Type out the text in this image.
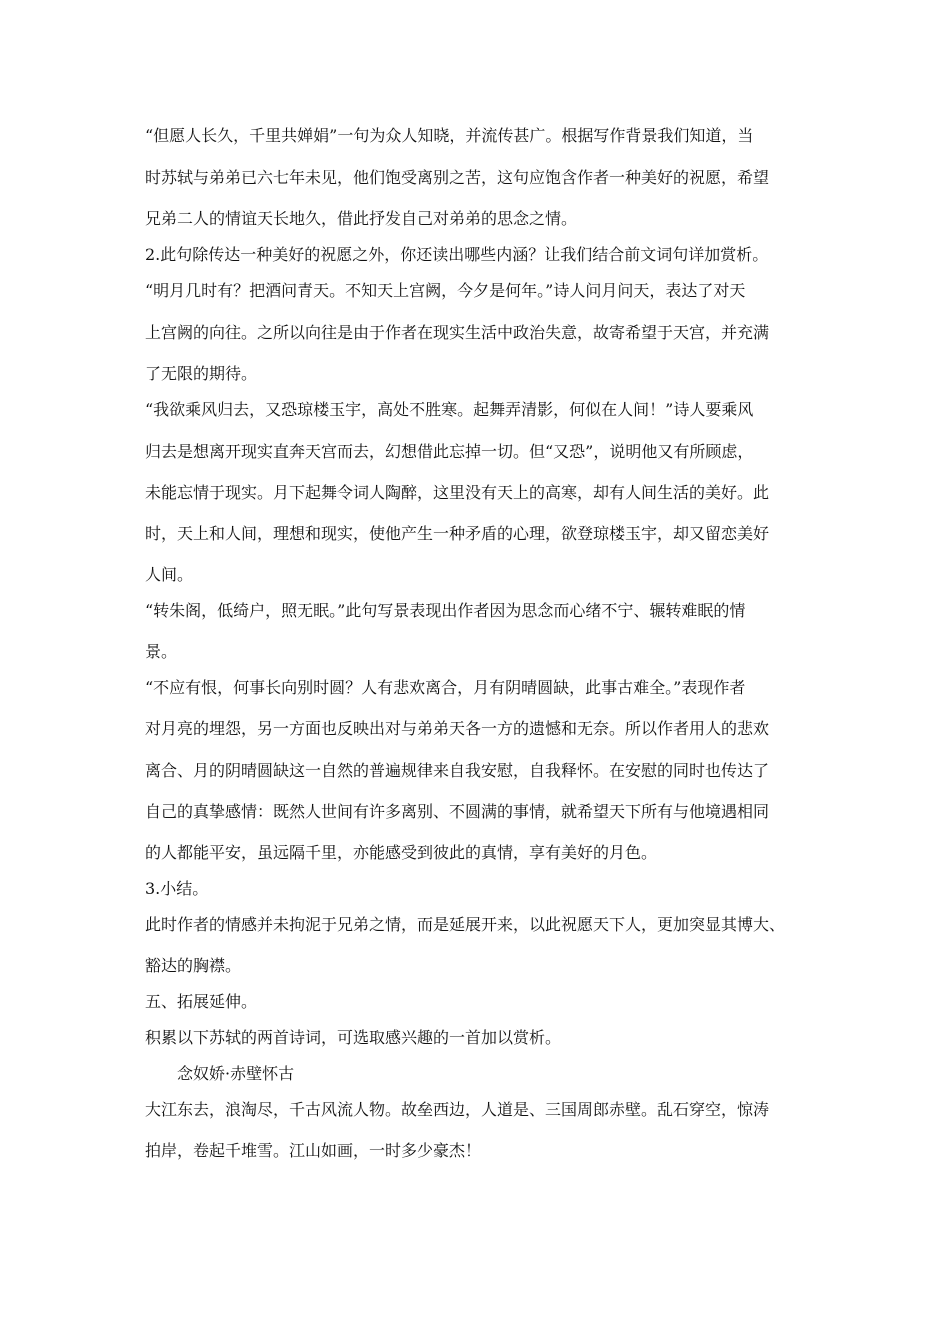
“但愿人长久，千里共婵娟”一句为众人知晓，并流传甚广。根据写作背景我们知道，当
时苏轼与弟弟已六七年未见，他们饱受离别之苦，这句应饱含作者一种美好的祝愿，希望
兄弟二人的情谊天长地久，借此抒发自己对弟弟的思念之情。
2.此句除传达一种美好的祝愿之外，你还读出哪些内涵？让我们结合前文词句详加赏析。
“明月几时有？把酒问青天。不知天上宫阙，今夕是何年。”诗人问月问天，表达了对天
上宫阙的向往。之所以向往是由于作者在现实生活中政治失意，故寄希望于天宫，并充满
了无限的期待。
“我欲乘风归去，又恐琼楼玉宇，高处不胜寒。起舞弄清影，何似在人间！”诗人要乘风
归去是想离开现实直奔天宫而去，幻想借此忘掉一切。但“又恐”，说明他又有所顾虑，
未能忘情于现实。月下起舞令词人陶醉，这里没有天上的高寒，却有人间生活的美好。此
时，天上和人间，理想和现实，使他产生一种矛盾的心理，欲登琼楼玉宇，却又留恋美好
人间。
“转朱阁，低绮户，照无眠。”此句写景表现出作者因为思念而心绪不宁、辗转难眠的情
景。
“不应有恨，何事长向别时圆？人有悲欢离合，月有阴晴圆缺，此事古难全。”表现作者
对月亮的埋怨，另一方面也反映出对与弟弟天各一方的遗憾和无奈。所以作者用人的悲欢
离合、月的阴晴圆缺这一自然的普遍规律来自我安慰，自我释怀。在安慰的同时也传达了
自己的真挚感情：既然人世间有许多离别、不圆满的事情，就希望天下所有与他境遇相同
的人都能平安，虽远隔千里，亦能感受到彼此的真情，享有美好的月色。
3.小结。
此时作者的情感并未拘泥于兄弟之情，而是延展开来，以此祝愿天下人，更加突显其博大、
豁达的胸襟。
五、拓展延伸。
积累以下苏轼的两首诗词，可选取感兴趣的一首加以赏析。
念奴娇·赤壁怀古
大江东去，浪淘尽，千古风流人物。故垒西边，人道是、三国周郎赤壁。乱石穿空，惊涛
拍岸，卷起千堆雪。江山如画，一时多少豪杰！
